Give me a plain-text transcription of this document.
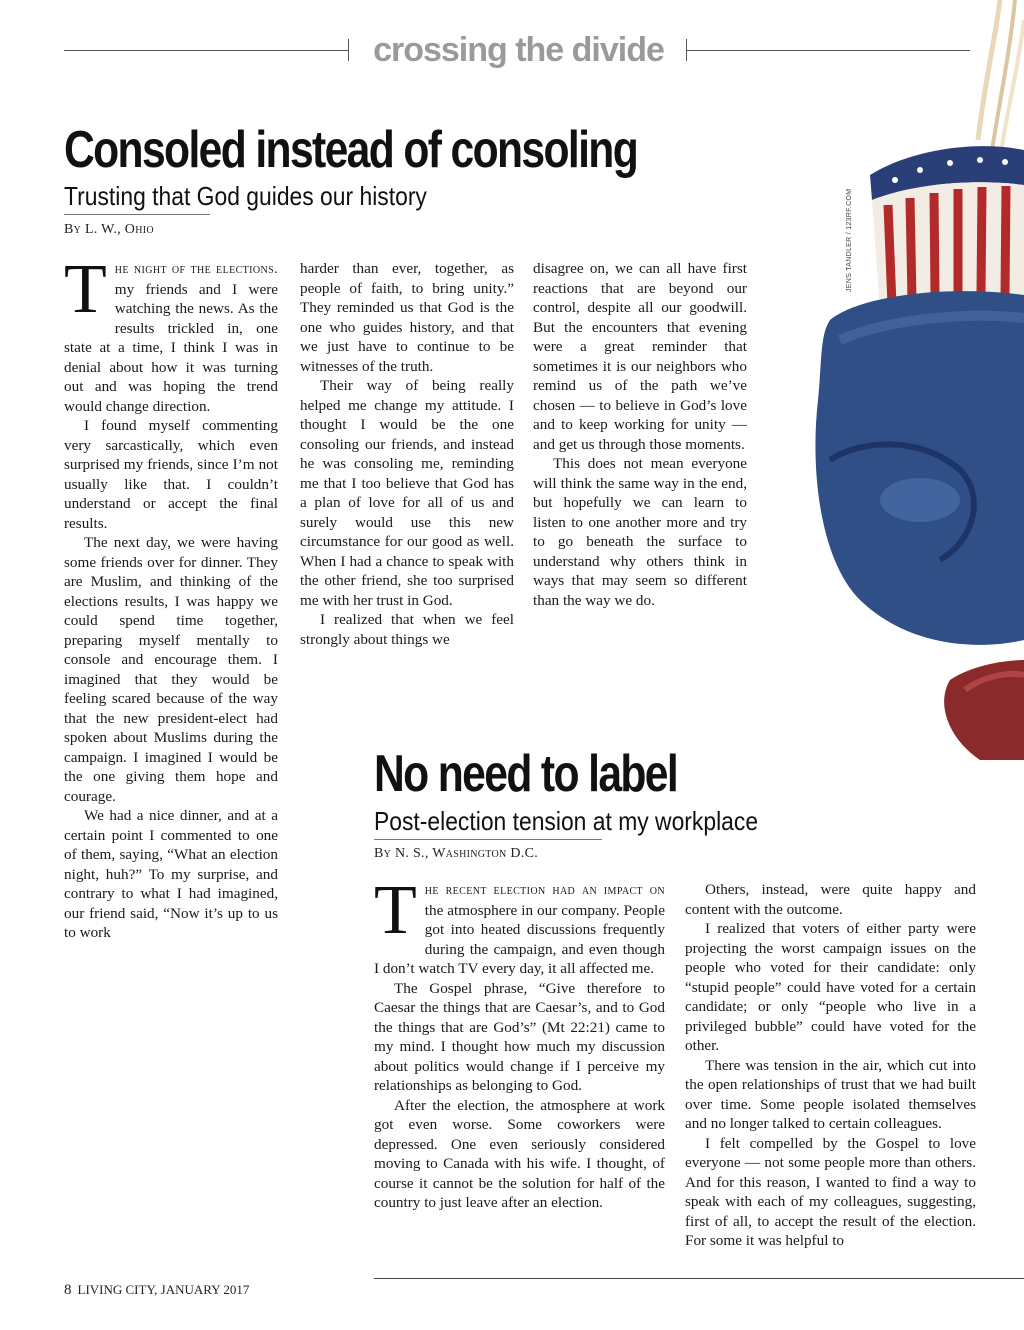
crossing the divide
JENS TANDLER / 123RF.COM
Consoled instead of consoling
Trusting that God guides our history
By L. W., Ohio

The night of the elections. my friends and I were watching the news. As the results trickled in, one state at a time, I think I was in denial about how it was turning out and was hoping the trend would change direction.

I found myself commenting very sarcastically, which even surprised my friends, since I’m not usually like that. I couldn’t understand or accept the final results.

The next day, we were having some friends over for dinner. They are Muslim, and thinking of the elections results, I was happy we could spend time together, preparing myself mentally to console and encourage them. I imagined that they would be feeling scared because of the way that the new president-elect had spoken about Muslims during the campaign. I imagined I would be the one giving them hope and courage.

We had a nice dinner, and at a certain point I commented to one of them, saying, “What an election night, huh?” To my surprise, and contrary to what I had imagined, our friend said, “Now it’s up to us to work

harder than ever, together, as people of faith, to bring unity.” They reminded us that God is the one who guides history, and that we just have to continue to be witnesses of the truth.

Their way of being really helped me change my attitude. I thought I would be the one consoling our friends, and instead he was consoling me, reminding me that I too believe that God has a plan of love for all of us and surely would use this new circumstance for our good as well. When I had a chance to speak with the other friend, she too surprised me with her trust in God.

I realized that when we feel strongly about things we

disagree on, we can all have first reactions that are beyond our control, despite all our goodwill. But the encounters that evening were a great reminder that sometimes it is our neighbors who remind us of the path we’ve chosen — to believe in God’s love and to keep working for unity — and get us through those moments.

This does not mean everyone will think the same way in the end, but hopefully we can learn to listen to one another more and try to go beneath the surface to understand why others think in ways that may seem so different than the way we do.

No need to label
Post-election tension at my workplace
By N. S., Washington D.C.

The recent election had an impact on the atmosphere in our company. People got into heated discussions frequently during the campaign, and even though I don’t watch TV every day, it all affected me.

The Gospel phrase, “Give therefore to Caesar the things that are Caesar’s, and to God the things that are God’s” (Mt 22:21) came to my mind. I thought how much my discussion about politics would change if I perceive my relationships as belonging to God.

After the election, the atmosphere at work got even worse. Some coworkers were depressed. One even seriously considered moving to Canada with his wife. I thought, of course it cannot be the solution for half of the country to just leave after an election.

Others, instead, were quite happy and content with the outcome.

I realized that voters of either party were projecting the worst campaign issues on the people who voted for their candidate: only “stupid people” could have voted for a certain candidate; or only “people who live in a privileged bubble” could have voted for the other.

There was tension in the air, which cut into the open relationships of trust that we had built over time. Some people isolated themselves and no longer talked to certain colleagues.

I felt compelled by the Gospel to love everyone — not some people more than others. And for this reason, I wanted to find a way to speak with each of my colleagues, suggesting, first of all, to accept the result of the election. For some it was helpful to

8 LIVING CITY, JANUARY 2017
